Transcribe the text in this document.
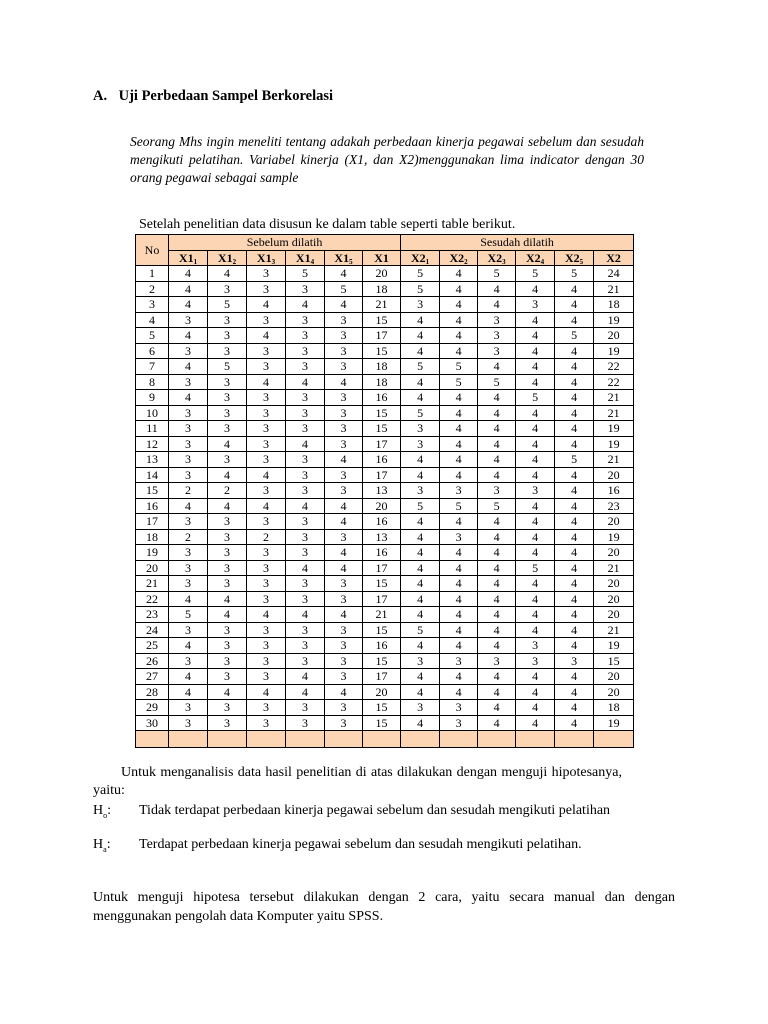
A. Uji Perbedaan Sampel Berkorelasi
Seorang Mhs ingin meneliti tentang adakah perbedaan kinerja pegawai sebelum dan sesudah mengikuti pelatihan. Variabel kinerja (X1, dan X2)menggunakan lima indicator dengan 30 orang pegawai sebagai sample
Setelah penelitian data disusun ke dalam table seperti table berikut.
No	Sebelum dilatih						Sesudah dilatih					
	$X1_1$	$X1_2$	$X1_3$	$X1_4$	$X1_5$	X1	$X2_1$	$X2_2$	$X2_3$	$X2_4$	$X2_5$	X2
1	4	4	3	5	4	20	5	4	5	5	5	24
2	4	3	3	3	5	18	5	4	4	4	4	21
3	4	5	4	4	4	21	3	4	4	3	4	18
4	3	3	3	3	3	15	4	4	3	4	4	19
5	4	3	4	3	3	17	4	4	3	4	5	20
6	3	3	3	3	3	15	4	4	3	4	4	19
7	4	5	3	3	3	18	5	5	4	4	4	22
8	3	3	4	4	4	18	4	5	5	4	4	22
9	4	3	3	3	3	16	4	4	4	5	4	21
10	3	3	3	3	3	15	5	4	4	4	4	21
11	3	3	3	3	3	15	3	4	4	4	4	19
12	3	4	3	4	3	17	3	4	4	4	4	19
13	3	3	3	3	4	16	4	4	4	4	5	21
14	3	4	4	3	3	17	4	4	4	4	4	20
15	2	2	3	3	3	13	3	3	3	3	4	16
16	4	4	4	4	4	20	5	5	5	4	4	23
17	3	3	3	3	4	16	4	4	4	4	4	20
18	2	3	2	3	3	13	4	3	4	4	4	19
19	3	3	3	3	4	16	4	4	4	4	4	20
20	3	3	3	4	4	17	4	4	4	5	4	21
21	3	3	3	3	3	15	4	4	4	4	4	20
22	4	4	3	3	3	17	4	4	4	4	4	20
23	5	4	4	4	4	21	4	4	4	4	4	20
24	3	3	3	3	3	15	5	4	4	4	4	21
25	4	3	3	3	3	16	4	4	4	3	4	19
26	3	3	3	3	3	15	3	3	3	3	3	15
27	4	3	3	4	3	17	4	4	4	4	4	20
28	4	4	4	4	4	20	4	4	4	4	4	20
29	3	3	3	3	3	15	3	3	4	4	4	18
30	3	3	3	3	3	15	4	3	4	4	4	19

Untuk menganalisis data hasil penelitian di atas dilakukan dengan menguji hipotesanya, yaitu:
$H_o$: Tidak terdapat perbedaan kinerja pegawai sebelum dan sesudah mengikuti pelatihan
$H_a$: Terdapat perbedaan kinerja pegawai sebelum dan sesudah mengikuti pelatihan.
Untuk menguji hipotesa tersebut dilakukan dengan 2 cara, yaitu secara manual dan dengan menggunakan pengolah data Komputer yaitu SPSS.
